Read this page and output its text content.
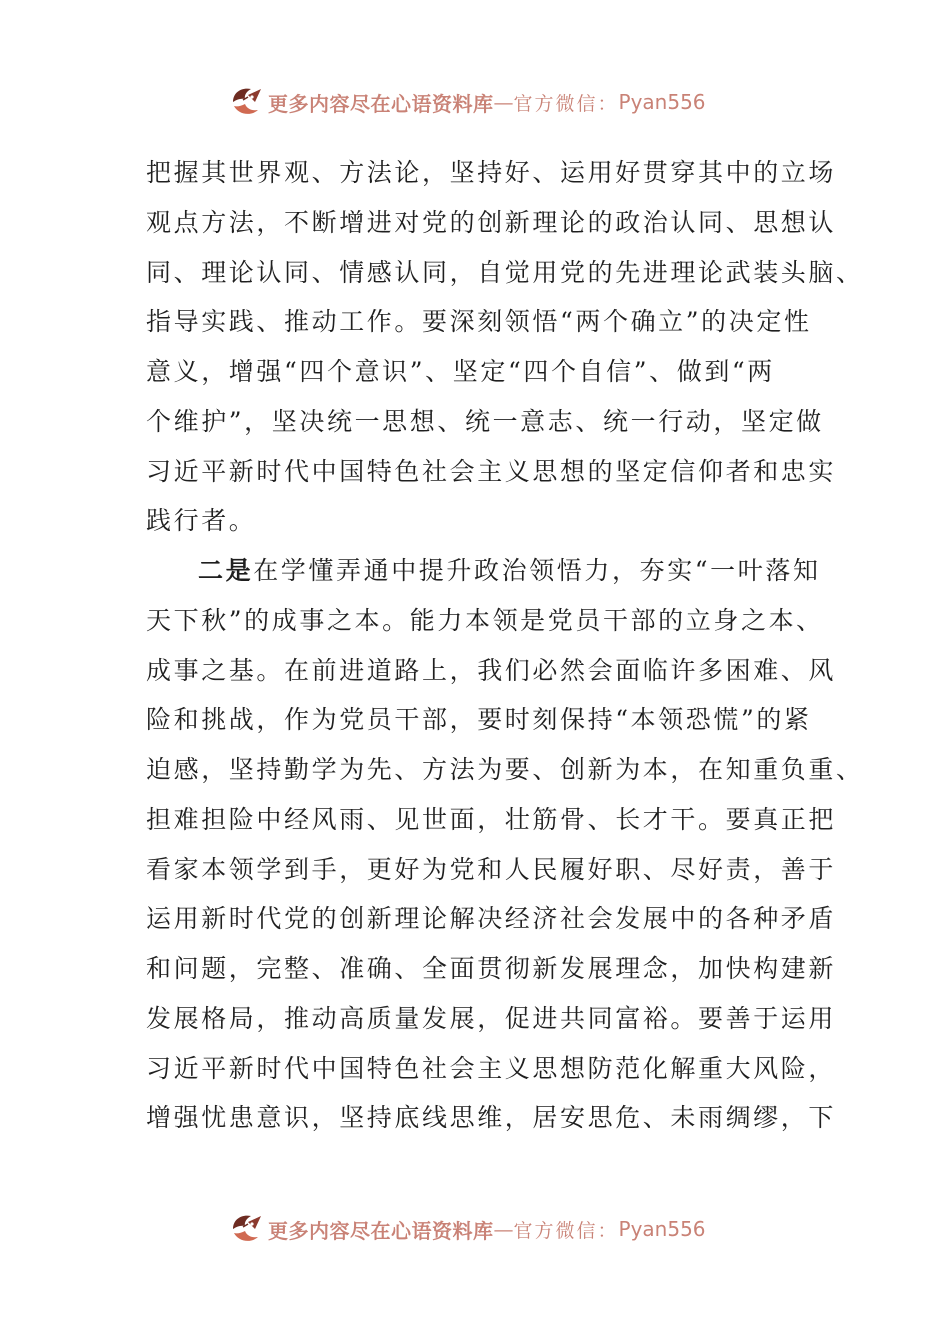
更多内容尽在心语资料库 — 官方微信： Pyan556
把握其世界观、方法论，坚持好、运用好贯穿其中的立场
观点方法，不断增进对党的创新理论的政治认同、思想认
同、理论认同、情感认同，自觉用党的先进理论武装头脑、
指导实践、推动工作。要深刻领悟“两个确立”的决定性
意义，增强“四个意识”、坚定“四个自信”、做到“两
个维护”，坚决统一思想、统一意志、统一行动，坚定做
习近平新时代中国特色社会主义思想的坚定信仰者和忠实
践行者。
二是在学懂弄通中提升政治领悟力，夯实“一叶落知
天下秋”的成事之本。能力本领是党员干部的立身之本、
成事之基。在前进道路上，我们必然会面临许多困难、风
险和挑战，作为党员干部，要时刻保持“本领恐慌”的紧
迫感，坚持勤学为先、方法为要、创新为本，在知重负重、
担难担险中经风雨、见世面，壮筋骨、长才干。要真正把
看家本领学到手，更好为党和人民履好职、尽好责，善于
运用新时代党的创新理论解决经济社会发展中的各种矛盾
和问题，完整、准确、全面贯彻新发展理念，加快构建新
发展格局，推动高质量发展，促进共同富裕。要善于运用
习近平新时代中国特色社会主义思想防范化解重大风险，
增强忧患意识，坚持底线思维，居安思危、未雨绸缪，下
更多内容尽在心语资料库 — 官方微信： Pyan556
